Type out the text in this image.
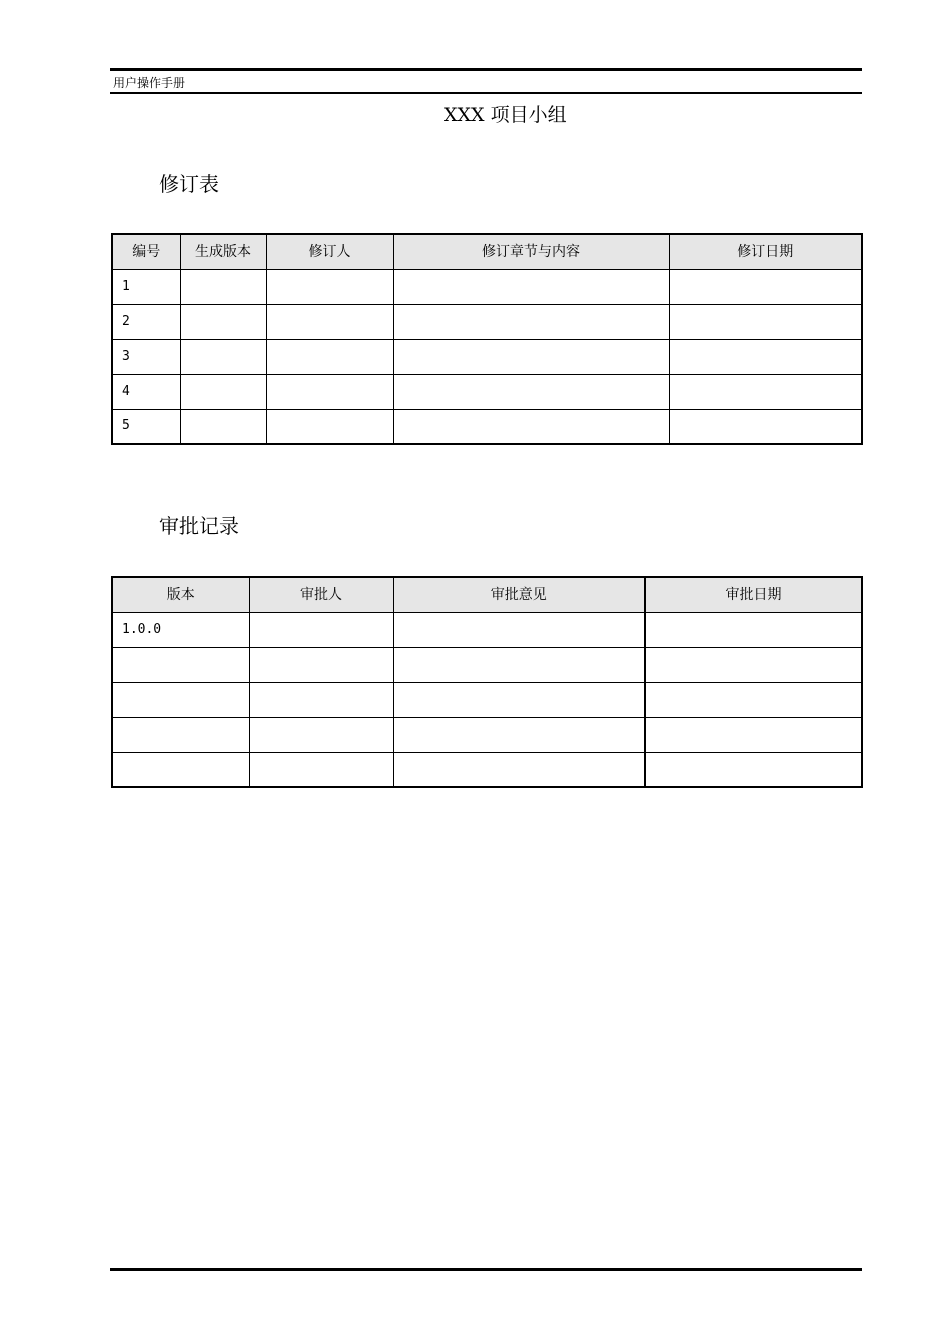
用户操作手册
XXX 项目小组
修订表
编号	生成版本	修订人	修订章节与内容	修订日期
1				
2				
3				
4				
5				
审批记录
版本	审批人	审批意见	审批日期
1.0.0			
